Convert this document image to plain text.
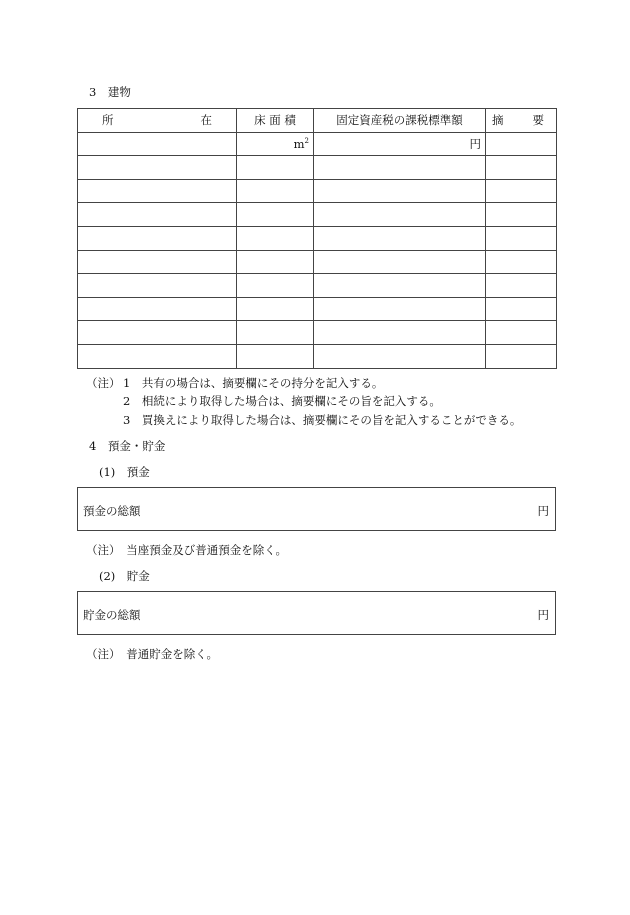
3　建物
所 在	床 面 積	固定資産税の課税標準額	摘 要

	$m^2$	円	

（注） 1　共有の場合は、摘要欄にその持分を記入する。
2　相続により取得した場合は、摘要欄にその旨を記入する。
3　買換えにより取得した場合は、摘要欄にその旨を記入することができる。
4　預金・貯金
(1)　預金
預金の総額	円
（注）　当座預金及び普通預金を除く。
(2)　貯金
貯金の総額	円
（注）　普通貯金を除く。
